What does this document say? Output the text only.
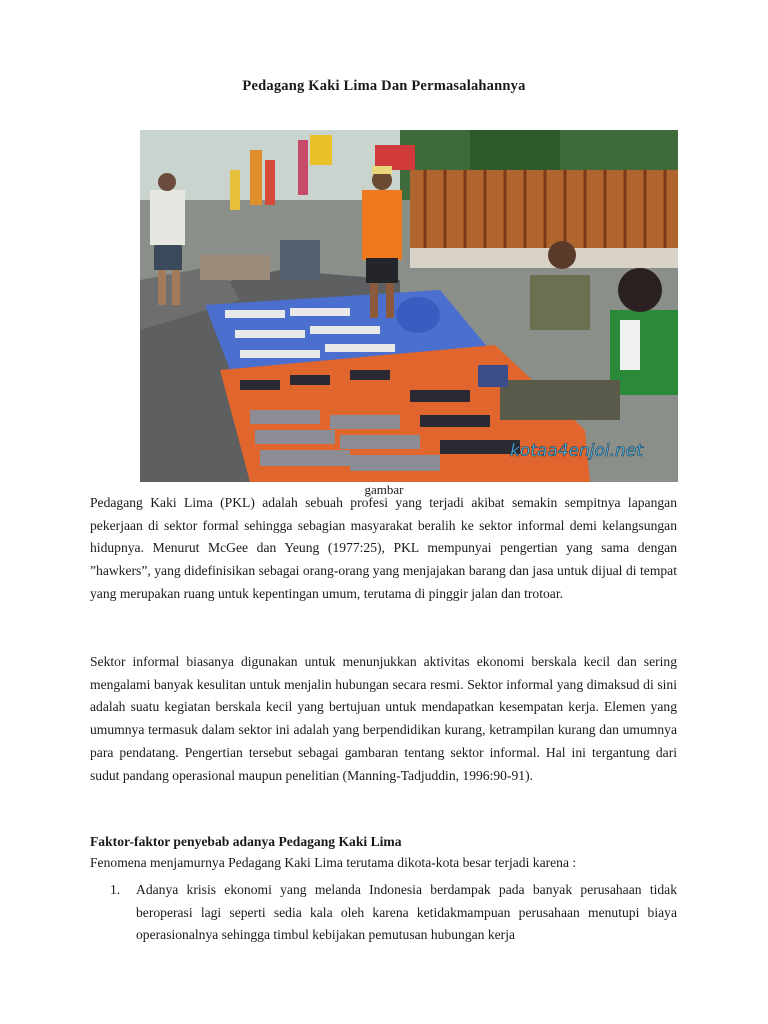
Pedagang Kaki Lima Dan Permasalahannya
kotaa4enjoi.net
gambar

Pedagang Kaki Lima (PKL) adalah sebuah profesi yang terjadi akibat semakin sempitnya lapangan pekerjaan di sektor formal sehingga sebagian masyarakat beralih ke sektor informal demi kelangsungan hidupnya. Menurut McGee dan Yeung (1977:25), PKL mempunyai pengertian yang sama dengan ”hawkers”, yang didefinisikan sebagai orang-orang yang menjajakan barang dan jasa untuk dijual di tempat yang merupakan ruang untuk kepentingan umum, terutama di pinggir jalan dan trotoar.

Sektor informal biasanya digunakan untuk menunjukkan aktivitas ekonomi berskala kecil dan sering mengalami banyak kesulitan untuk menjalin hubungan secara resmi. Sektor informal yang dimaksud di sini adalah suatu kegiatan berskala kecil yang bertujuan untuk mendapatkan kesempatan kerja. Elemen yang umumnya termasuk dalam sektor ini adalah yang berpendidikan kurang, ketrampilan kurang dan umumnya para pendatang. Pengertian tersebut sebagai gambaran tentang sektor informal. Hal ini tergantung dari sudut pandang operasional maupun penelitian (Manning-Tadjuddin, 1996:90-91).

Faktor-faktor penyebab adanya Pedagang Kaki Lima
Fenomena menjamurnya Pedagang Kaki Lima terutama dikota-kota besar terjadi karena :
1. Adanya krisis ekonomi yang melanda Indonesia berdampak pada banyak perusahaan tidak beroperasi lagi seperti sedia kala oleh karena ketidakmampuan perusahaan menutupi biaya operasionalnya sehingga timbul kebijakan pemutusan hubungan kerja
